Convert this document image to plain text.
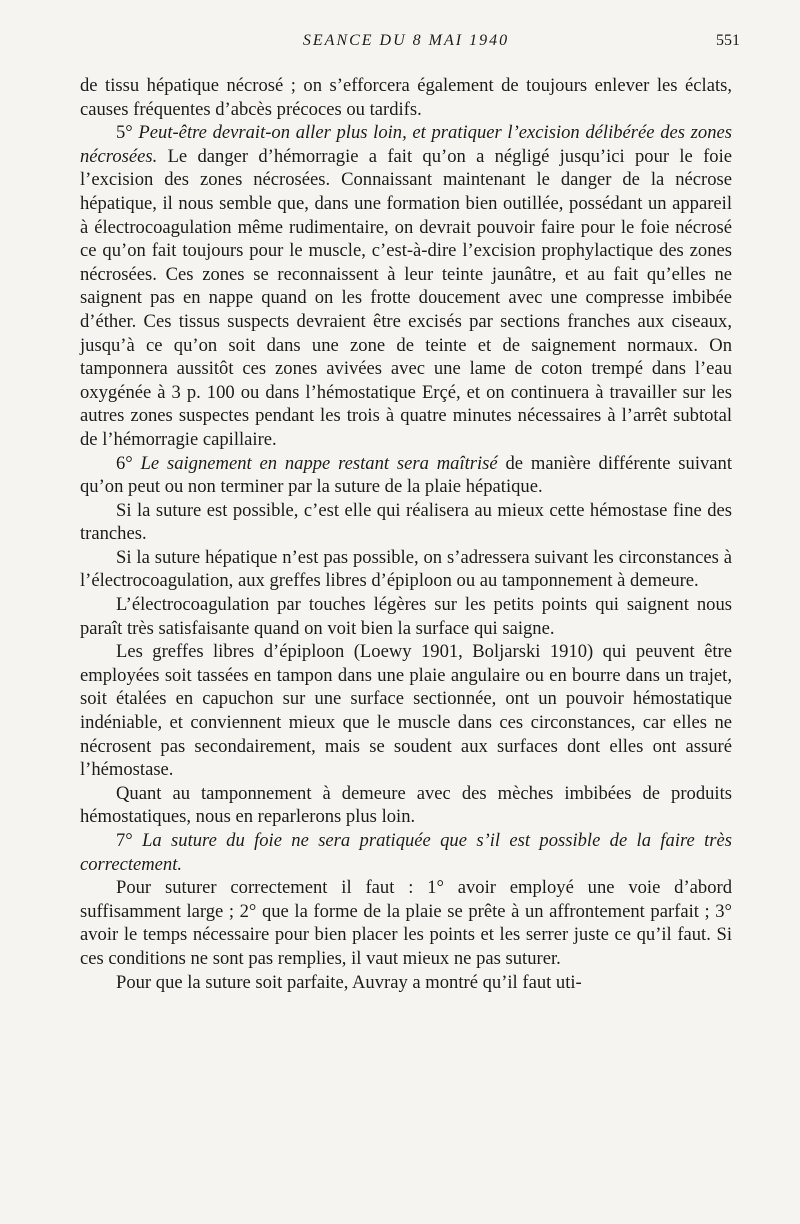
SEANCE DU 8 MAI 1940	551

de tissu hépatique nécrosé ; on s’efforcera également de toujours enlever les éclats, causes fréquentes d’abcès précoces ou tardifs.

5° Peut-être devrait-on aller plus loin, et pratiquer l’excision délibérée des zones nécrosées. Le danger d’hémorragie a fait qu’on a négligé jusqu’ici pour le foie l’excision des zones nécrosées. Connaissant maintenant le danger de la nécrose hépatique, il nous semble que, dans une formation bien outillée, possédant un appareil à électrocoagulation même rudimentaire, on devrait pouvoir faire pour le foie nécrosé ce qu’on fait toujours pour le muscle, c’est-à-dire l’excision prophylactique des zones nécrosées. Ces zones se reconnaissent à leur teinte jaunâtre, et au fait qu’elles ne saignent pas en nappe quand on les frotte doucement avec une compresse imbibée d’éther. Ces tissus suspects devraient être excisés par sections franches aux ciseaux, jusqu’à ce qu’on soit dans une zone de teinte et de saignement normaux. On tamponnera aussitôt ces zones avivées avec une lame de coton trempé dans l’eau oxygénée à 3 p. 100 ou dans l’hémostatique Erçé, et on continuera à travailler sur les autres zones suspectes pendant les trois à quatre minutes nécessaires à l’arrêt subtotal de l’hémorragie capillaire.

6° Le saignement en nappe restant sera maîtrisé de manière différente suivant qu’on peut ou non terminer par la suture de la plaie hépatique.

Si la suture est possible, c’est elle qui réalisera au mieux cette hémostase fine des tranches.

Si la suture hépatique n’est pas possible, on s’adressera suivant les circonstances à l’électrocoagulation, aux greffes libres d’épiploon ou au tamponnement à demeure.

L’électrocoagulation par touches légères sur les petits points qui saignent nous paraît très satisfaisante quand on voit bien la surface qui saigne.

Les greffes libres d’épiploon (Loewy 1901, Boljarski 1910) qui peuvent être employées soit tassées en tampon dans une plaie angulaire ou en bourre dans un trajet, soit étalées en capuchon sur une surface sectionnée, ont un pouvoir hémostatique indéniable, et conviennent mieux que le muscle dans ces circonstances, car elles ne nécrosent pas secondairement, mais se soudent aux surfaces dont elles ont assuré l’hémostase.

Quant au tamponnement à demeure avec des mèches imbibées de produits hémostatiques, nous en reparlerons plus loin.

7° La suture du foie ne sera pratiquée que s’il est possible de la faire très correctement.

Pour suturer correctement il faut : 1° avoir employé une voie d’abord suffisamment large ; 2° que la forme de la plaie se prête à un affrontement parfait ; 3° avoir le temps nécessaire pour bien placer les points et les serrer juste ce qu’il faut. Si ces conditions ne sont pas remplies, il vaut mieux ne pas suturer.

Pour que la suture soit parfaite, Auvray a montré qu’il faut uti-
